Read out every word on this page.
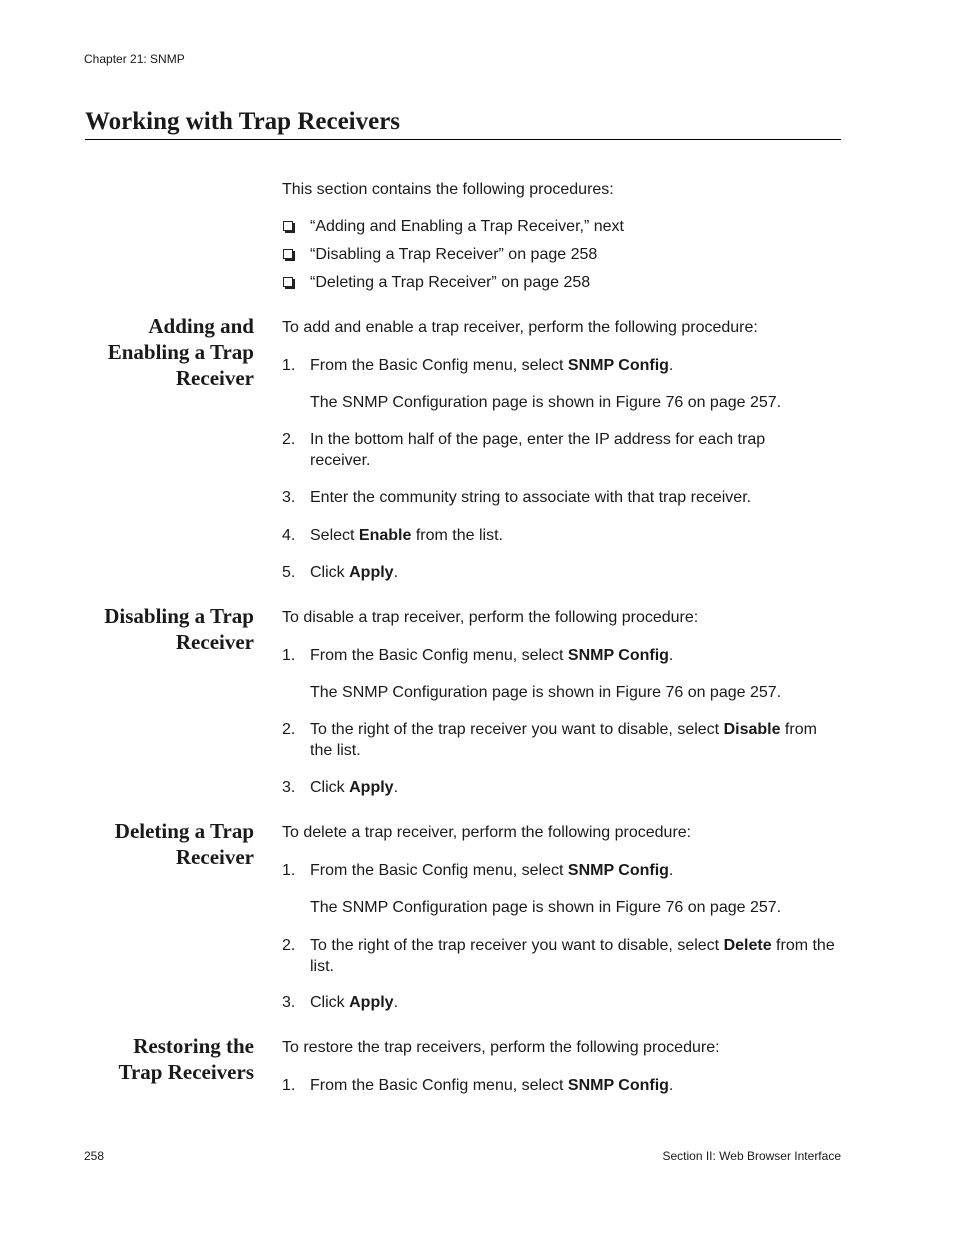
Chapter 21: SNMP
Working with Trap Receivers
This section contains the following procedures:
“Adding and Enabling a Trap Receiver,” next
“Disabling a Trap Receiver” on page 258
“Deleting a Trap Receiver” on page 258
Adding and
Enabling a Trap
Receiver
To add and enable a trap receiver, perform the following procedure:
1. From the Basic Config menu, select SNMP Config.
The SNMP Configuration page is shown in Figure 76 on page 257.
2. In the bottom half of the page, enter the IP address for each trap receiver.
3. Enter the community string to associate with that trap receiver.
4. Select Enable from the list.
5. Click Apply.
Disabling a Trap
Receiver
To disable a trap receiver, perform the following procedure:
1. From the Basic Config menu, select SNMP Config.
The SNMP Configuration page is shown in Figure 76 on page 257.
2. To the right of the trap receiver you want to disable, select Disable from the list.
3. Click Apply.
Deleting a Trap
Receiver
To delete a trap receiver, perform the following procedure:
1. From the Basic Config menu, select SNMP Config.
The SNMP Configuration page is shown in Figure 76 on page 257.
2. To the right of the trap receiver you want to disable, select Delete from the list.
3. Click Apply.
Restoring the
Trap Receivers
To restore the trap receivers, perform the following procedure:
1. From the Basic Config menu, select SNMP Config.
258	Section II: Web Browser Interface
